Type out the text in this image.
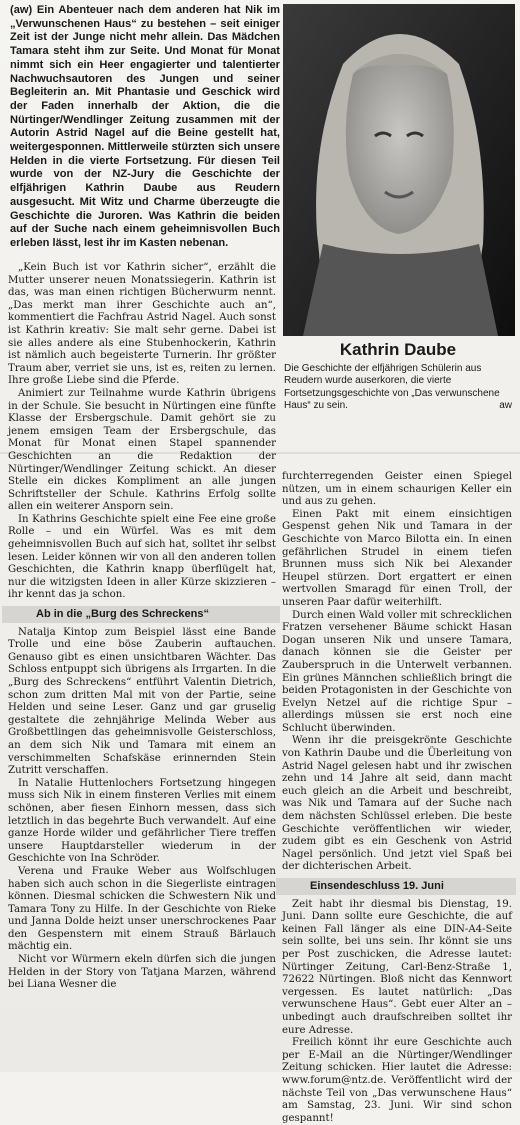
(aw) Ein Abenteuer nach dem anderen hat Nik im „Verwunschenen Haus“ zu bestehen – seit einiger Zeit ist der Junge nicht mehr allein. Das Mädchen Tamara steht ihm zur Seite. Und Monat für Monat nimmt sich ein Heer engagierter und talentierter Nachwuchsautoren des Jungen und seiner Begleiterin an. Mit Phantasie und Geschick wird der Faden innerhalb der Aktion, die die Nürtinger/Wendlinger Zeitung zusammen mit der Autorin Astrid Nagel auf die Beine gestellt hat, weitergesponnen. Mittlerweile stürzten sich unsere Helden in die vierte Fortsetzung. Für diesen Teil wurde von der NZ-Jury die Geschichte der elfjährigen Kathrin Daube aus Reudern ausgesucht. Mit Witz und Charme überzeugte die Geschichte die Juroren. Was Kathrin die beiden auf der Suche nach einem geheimnisvollen Buch erleben lässt, lest ihr im Kasten nebenan.

Kathrin Daube
Die Geschichte der elfjährigen Schülerin aus Reudern wurde auserkoren, die vierte Fortsetzungsgeschichte von „Das verwunschene Haus“ zu sein.	aw

„Kein Buch ist vor Kathrin sicher“, erzählt die Mutter unserer neuen Monatssiegerin. Kathrin ist das, was man einen richtigen Bücherwurm nennt. „Das merkt man ihrer Geschichte auch an“, kommentiert die Fachfrau Astrid Nagel. Auch sonst ist Kathrin kreativ: Sie malt sehr gerne. Dabei ist sie alles andere als eine Stubenhockerin, Kathrin ist nämlich auch begeisterte Turnerin. Ihr größter Traum aber, verriet sie uns, ist es, reiten zu lernen. Ihre große Liebe sind die Pferde.

Animiert zur Teilnahme wurde Kathrin übrigens in der Schule. Sie besucht in Nürtingen eine fünfte Klasse der Ersbergschule. Damit gehört sie zu jenem emsigen Team der Ersbergschule, das Monat für Monat einen Stapel spannender Geschichten an die Redaktion der Nürtinger/Wendlinger Zeitung schickt. An dieser Stelle ein dickes Kompliment an alle jungen Schriftsteller der Schule. Kathrins Erfolg sollte allen ein weiterer Ansporn sein.

In Kathrins Geschichte spielt eine Fee eine große Rolle – und ein Würfel. Was es mit dem geheimnisvollen Buch auf sich hat, solltet ihr selbst lesen. Leider können wir von all den anderen tollen Geschichten, die Kathrin knapp überflügelt hat, nur die witzigsten Ideen in aller Kürze skizzieren – ihr kennt das ja schon.

Ab in die „Burg des Schreckens“

Natalja Kintop zum Beispiel lässt eine Bande Trolle und eine böse Zauberin auftauchen. Genauso gibt es einen unsichtbaren Wächter. Das Schloss entpuppt sich übrigens als Irrgarten. In die „Burg des Schreckens“ entführt Valentin Dietrich, schon zum dritten Mal mit von der Partie, seine Helden und seine Leser. Ganz und gar gruselig gestaltete die zehnjährige Melinda Weber aus Großbettlingen das geheimnisvolle Geisterschloss, an dem sich Nik und Tamara mit einem an verschimmelten Schafskäse erinnernden Stein Zutritt verschaffen.

In Natalie Huttenlochers Fortsetzung hingegen muss sich Nik in einem finsteren Verlies mit einem schönen, aber fiesen Einhorn messen, dass sich letztlich in das begehrte Buch verwandelt. Auf eine ganze Horde wilder und gefährlicher Tiere treffen unsere Hauptdarsteller wiederum in der Geschichte von Ina Schröder.

Verena und Frauke Weber aus Wolfschlugen haben sich auch schon in die Siegerliste eintragen können. Diesmal schicken die Schwestern Nik und Tamara Tony zu Hilfe. In der Geschichte von Rieke und Janna Dolde heizt unser unerschrockenes Paar den Gespenstern mit einem Strauß Bärlauch mächtig ein.

Nicht vor Würmern ekeln dürfen sich die jungen Helden in der Story von Tatjana Marzen, während bei Liana Wesner die

furchterregenden Geister einen Spiegel nützen, um in einem schaurigen Keller ein und aus zu gehen.

Einen Pakt mit einem einsichtigen Gespenst gehen Nik und Tamara in der Geschichte von Marco Bilotta ein. In einen gefährlichen Strudel in einem tiefen Brunnen muss sich Nik bei Alexander Heupel stürzen. Dort ergattert er einen wertvollen Smaragd für einen Troll, der unseren Paar dafür weiterhilft.

Durch einen Wald voller mit schrecklichen Fratzen versehener Bäume schickt Hasan Dogan unseren Nik und unsere Tamara, danach können sie die Geister per Zauberspruch in die Unterwelt verbannen. Ein grünes Männchen schließlich bringt die beiden Protagonisten in der Geschichte von Evelyn Netzel auf die richtige Spur – allerdings müssen sie erst noch eine Schlucht überwinden.

Wenn ihr die preisgekrönte Geschichte von Kathrin Daube und die Überleitung von Astrid Nagel gelesen habt und ihr zwischen zehn und 14 Jahre alt seid, dann macht euch gleich an die Arbeit und beschreibt, was Nik und Tamara auf der Suche nach dem nächsten Schlüssel erleben. Die beste Geschichte veröffentlichen wir wieder, zudem gibt es ein Geschenk von Astrid Nagel persönlich. Und jetzt viel Spaß bei der dichterischen Arbeit.

Einsendeschluss 19. Juni

Zeit habt ihr diesmal bis Dienstag, 19. Juni. Dann sollte eure Geschichte, die auf keinen Fall länger als eine DIN-A4-Seite sein sollte, bei uns sein. Ihr könnt sie uns per Post zuschicken, die Adresse lautet: Nürtinger Zeitung, Carl-Benz-Straße 1, 72622 Nürtingen. Bloß nicht das Kennwort vergessen. Es lautet natürlich: „Das verwunschene Haus“. Gebt euer Alter an – unbedingt auch draufschreiben solltet ihr eure Adresse.

Freilich könnt ihr eure Geschichte auch per E-Mail an die Nürtinger/Wendlinger Zeitung schicken. Hier lautet die Adresse: www.forum@ntz.de. Veröffentlicht wird der nächste Teil von „Das verwunschene Haus“ am Samstag, 23. Juni. Wir sind schon gespannt!
